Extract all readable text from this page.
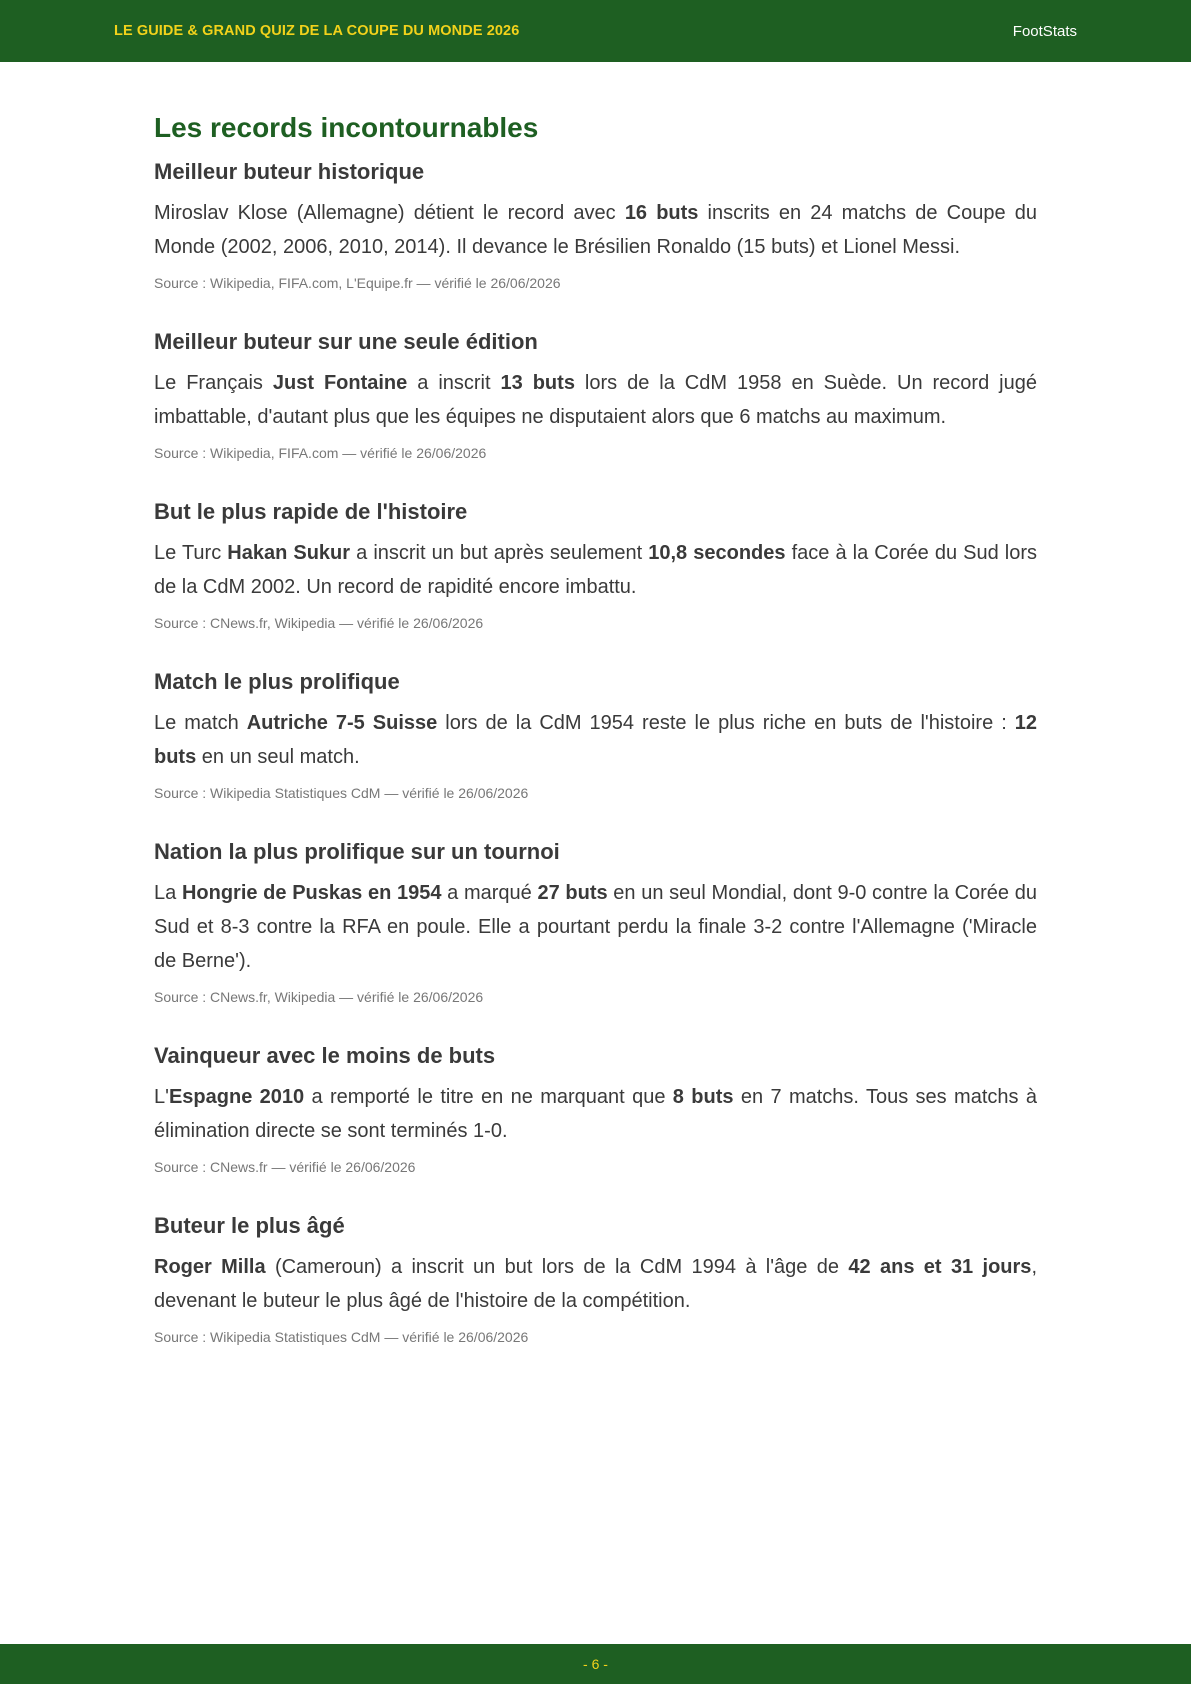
LE GUIDE & GRAND QUIZ DE LA COUPE DU MONDE 2026	FootStats
Les records incontournables
Meilleur buteur historique

Miroslav Klose (Allemagne) détient le record avec 16 buts inscrits en 24 matchs de Coupe du Monde (2002, 2006, 2010, 2014). Il devance le Brésilien Ronaldo (15 buts) et Lionel Messi.

Source : Wikipedia, FIFA.com, L'Equipe.fr — vérifié le 26/06/2026

Meilleur buteur sur une seule édition

Le Français Just Fontaine a inscrit 13 buts lors de la CdM 1958 en Suède. Un record jugé imbattable, d'autant plus que les équipes ne disputaient alors que 6 matchs au maximum.

Source : Wikipedia, FIFA.com — vérifié le 26/06/2026

But le plus rapide de l'histoire

Le Turc Hakan Sukur a inscrit un but après seulement 10,8 secondes face à la Corée du Sud lors de la CdM 2002. Un record de rapidité encore imbattu.

Source : CNews.fr, Wikipedia — vérifié le 26/06/2026

Match le plus prolifique

Le match Autriche 7-5 Suisse lors de la CdM 1954 reste le plus riche en buts de l'histoire : 12 buts en un seul match.

Source : Wikipedia Statistiques CdM — vérifié le 26/06/2026

Nation la plus prolifique sur un tournoi

La Hongrie de Puskas en 1954 a marqué 27 buts en un seul Mondial, dont 9-0 contre la Corée du Sud et 8-3 contre la RFA en poule. Elle a pourtant perdu la finale 3-2 contre l'Allemagne ('Miracle de Berne').

Source : CNews.fr, Wikipedia — vérifié le 26/06/2026

Vainqueur avec le moins de buts

L'Espagne 2010 a remporté le titre en ne marquant que 8 buts en 7 matchs. Tous ses matchs à élimination directe se sont terminés 1-0.

Source : CNews.fr — vérifié le 26/06/2026

Buteur le plus âgé

Roger Milla (Cameroun) a inscrit un but lors de la CdM 1994 à l'âge de 42 ans et 31 jours, devenant le buteur le plus âgé de l'histoire de la compétition.

Source : Wikipedia Statistiques CdM — vérifié le 26/06/2026

- 6 -
